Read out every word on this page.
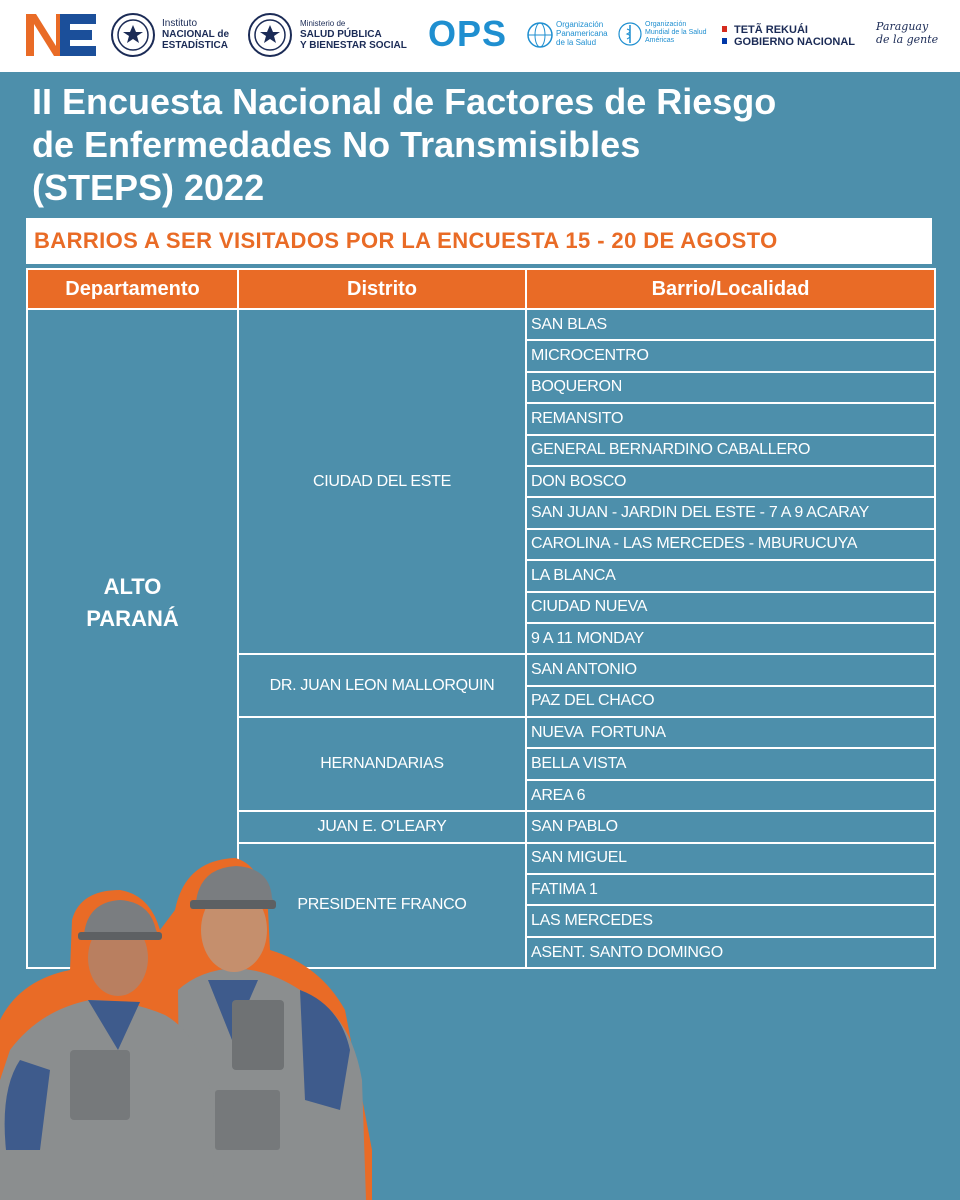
Instituto
NACIONAL de
ESTADÍSTICA
Ministerio de
SALUD PÚBLICA
Y BIENESTAR SOCIAL OPS	Organización
Panamericana
de la Salud
Organización
Mundial de la Salud
Américas
TETÃ REKUÁI
GOBIERNO NACIONAL
Paraguay
de la gente
II Encuesta Nacional de Factores de Riesgo
de Enfermedades No Transmisibles
(STEPS) 2022
BARRIOS A SER VISITADOS POR LA ENCUESTA 15 - 20 DE AGOSTO
Departamento	Distrito	Barrio/Localidad

ALTO
PARANÁ	CIUDAD DEL ESTE	SAN BLAS
		MICROCENTRO
		BOQUERON
		REMANSITO
		GENERAL BERNARDINO CABALLERO
		DON BOSCO
		SAN JUAN - JARDIN DEL ESTE - 7 A 9 ACARAY
		CAROLINA - LAS MERCEDES - MBURUCUYA
		LA BLANCA
		CIUDAD NUEVA
		9 A 11 MONDAY
	DR. JUAN LEON MALLORQUIN	SAN ANTONIO
		PAZ DEL CHACO
	HERNANDARIAS	NUEVA  FORTUNA
		BELLA VISTA
		AREA 6
	JUAN E. O'LEARY	SAN PABLO
	PRESIDENTE FRANCO	SAN MIGUEL
		FATIMA 1
		LAS MERCEDES
		ASENT. SANTO DOMINGO
